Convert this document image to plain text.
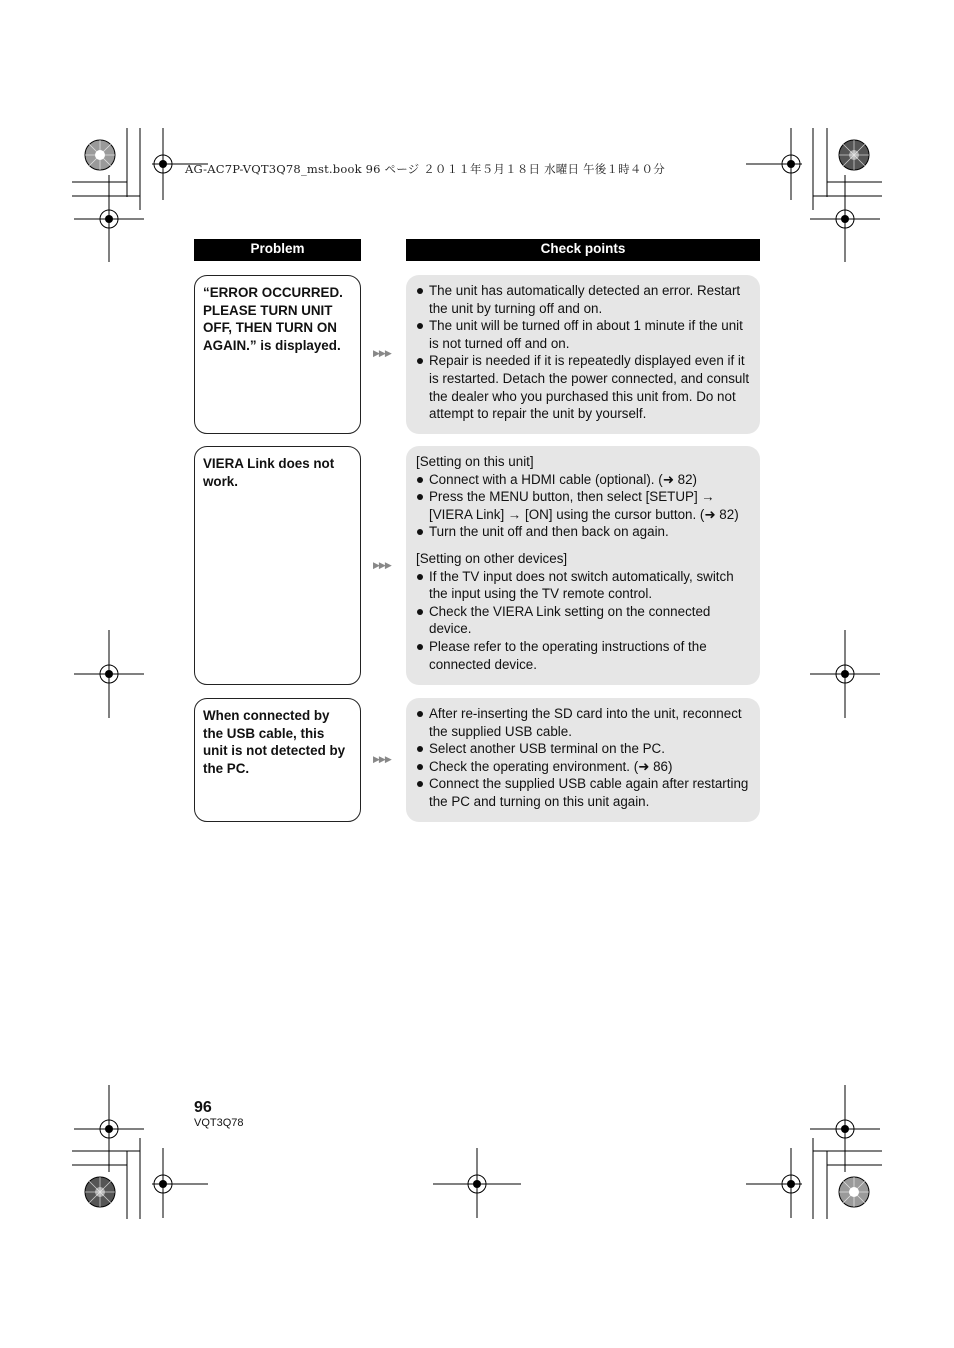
AG-AC7P-VQT3Q78_mst.book 96 ページ ２０１１年５月１８日 水曜日 午後１時４０分
Problem	Check points
“ERROR OCCURRED. PLEASE TURN UNIT OFF, THEN TURN ON AGAIN.” is displayed.
▶▶▶
The unit has automatically detected an error. Restart the unit by turning off and on.
The unit will be turned off in about 1 minute if the unit is not turned off and on.
Repair is needed if it is repeatedly displayed even if it is restarted. Detach the power connected, and consult the dealer who you purchased this unit from. Do not attempt to repair the unit by yourself.
VIERA Link does not work.
▶▶▶

[Setting on this unit]

Connect with a HDMI cable (optional). (➜ 82)
Press the MENU button, then select [SETUP] → [VIERA Link] → [ON] using the cursor button. (➜ 82)
Turn the unit off and then back on again.

[Setting on other devices]

If the TV input does not switch automatically, switch the input using the TV remote control.
Check the VIERA Link setting on the connected device.
Please refer to the operating instructions of the connected device.
When connected by the USB cable, this unit is not detected by the PC.
▶▶▶
After re-inserting the SD card into the unit, reconnect the supplied USB cable.
Select another USB terminal on the PC.
Check the operating environment. (➜ 86)
Connect the supplied USB cable again after restarting the PC and turning on this unit again.
96
VQT3Q78
